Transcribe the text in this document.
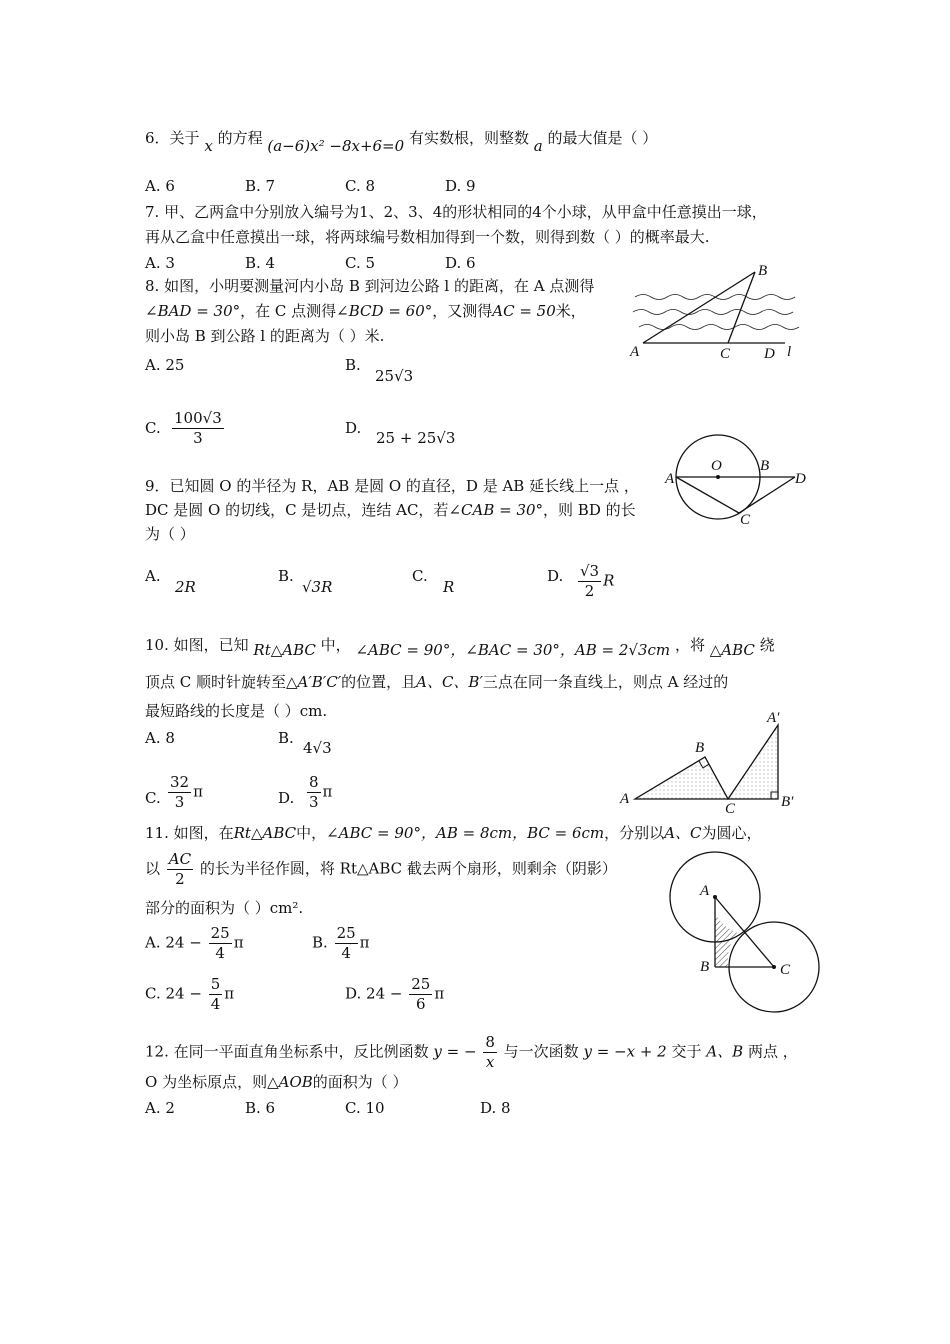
6．关于 x 的方程 (a−6)x² −8x+6=0 有实数根，则整数 a 的最大值是（ ）
A. 6	B. 7	C. 8	D. 9
7. 甲、乙两盒中分别放入编号为1、2、3、4的形状相同的4个小球，从甲盒中任意摸出一球，
再从乙盒中任意摸出一球，将两球编号数相加得到一个数，则得到数（ ）的概率最大.
A. 3	B. 4	C. 5	D. 6
8. 如图，小明要测量河内小岛 B 到河边公路 l 的距离，在 A 点测得
∠BAD = 30°，在 C 点测得∠BCD = 60°，又测得AC = 50米，
则小岛 B 到公路 l 的距离为（ ）米.
A. 25	B.
25√3
C. $\frac{100√3}{3}$	D.
25 + 25√3
A
B
C D l
9．已知圆 O 的半径为 R，AB 是圆 O 的直径，D 是 AB 延长线上一点 ，
DC 是圆 O 的切线，C 是切点，连结 AC，若∠CAB = 30°，则 BD 的长
为（ ）
A.
2R
B.
√3R
C.
R
D. $\frac{√3}{2}$ R
A
O	B
D
C
10. 如图，已知 Rt△ABC 中， ∠ABC = 90°，∠BAC = 30°，AB = 2√3cm ，将 △ABC 绕
顶点 C 顺时针旋转至△A′B′C′的位置，且A、C、B′三点在同一条直线上，则点 A 经过的
最短路线的长度是（ ）cm.
A. 8	B.
4√3
C. $\frac{32}{3}$ π	D. $\frac{8}{3}$ π	A
B
C
A′
B′
11. 如图，在Rt△ABC中，∠ABC = 90°，AB = 8cm，BC = 6cm，分别以A、C为圆心，
以 $\frac{AC}{2}$ 的长为半径作圆，将 Rt△ABC 截去两个扇形，则剩余（阴影）
部分的面积为（ ）cm².
A. $24 - \frac{25}{4}$ π	B. $\frac{25}{4}$ π
C. $24 - \frac{5}{4}$ π	D. $24 - \frac{25}{6}$ π
A
B	C
12. 在同一平面直角坐标系中，反比例函数 y = − $\frac{8}{x}$ 与一次函数 y = −x + 2 交于 A、B 两点 ，
O 为坐标原点，则△AOB的面积为（ ）
A. 2	B. 6	C. 10	D. 8
